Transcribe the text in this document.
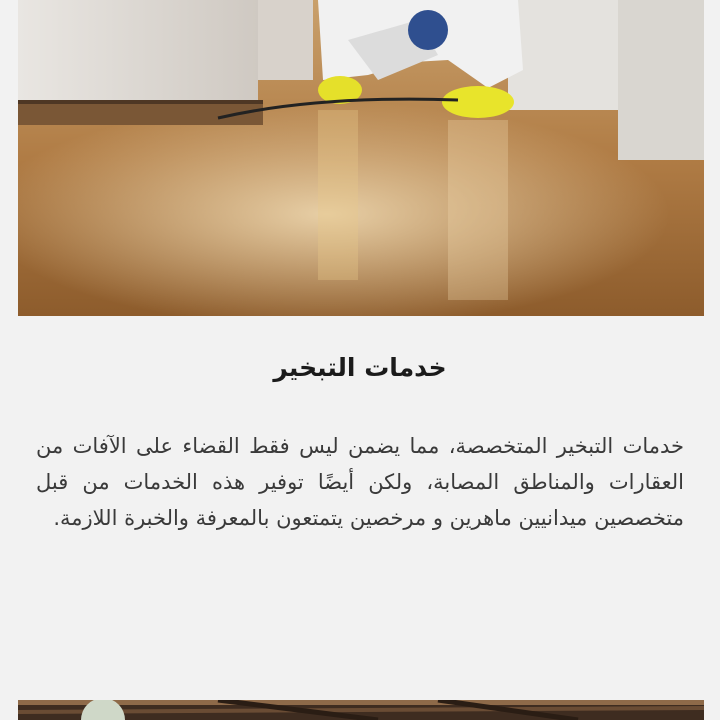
خدمات التبخير
خدمات التبخير المتخصصة، مما يضمن ليس فقط القضاء على الآفات من العقارات والمناطق المصابة، ولكن أيضًا توفير هذه الخدمات من قبل متخصصين ميدانيين ماهرين و مرخصين يتمتعون بالمعرفة والخبرة اللازمة.
